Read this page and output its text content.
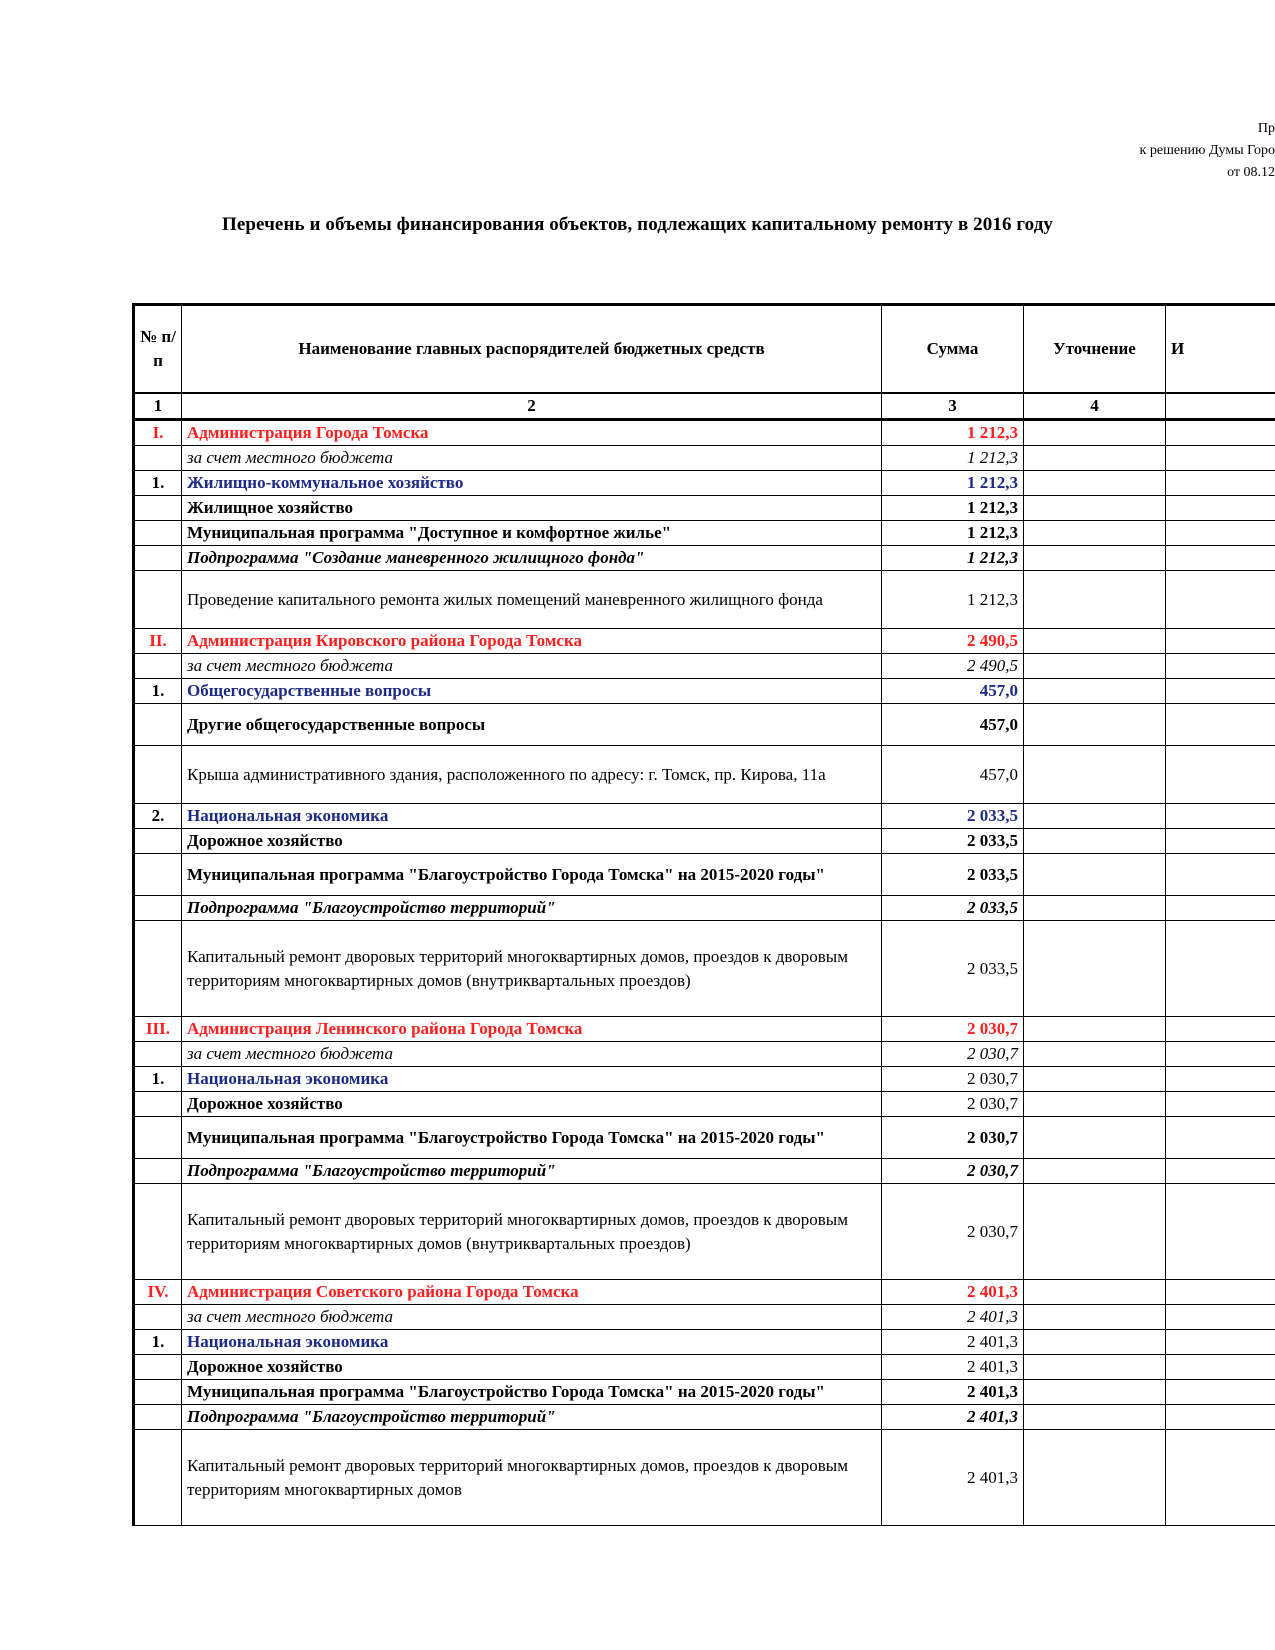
Пр
к решению Думы Горо
от 08.12
Перечень и объемы финансирования объектов, подлежащих капитальному ремонту в 2016 году
№ п/п	Наименование главных распорядителей бюджетных средств	Сумма	Уточнение	И
1	2	3	4	
I.	Администрация Города Томска	1 212,3		
	за счет местного бюджета	1 212,3		
1.	Жилищно-коммунальное хозяйство	1 212,3		
	Жилищное хозяйство	1 212,3		
	Муниципальная программа "Доступное и комфортное жилье"	1 212,3		
	Подпрограмма "Создание маневренного жилищного фонда"	1 212,3		
	Проведение капитального ремонта жилых помещений маневренного жилищного фонда	1 212,3		
II.	Администрация Кировского района Города Томска	2 490,5		
	за счет местного бюджета	2 490,5		
1.	Общегосударственные вопросы	457,0		
	Другие общегосударственные вопросы	457,0		
	Крыша административного здания, расположенного по адресу: г. Томск, пр. Кирова, 11а	457,0		
2.	Национальная экономика	2 033,5		
	Дорожное хозяйство	2 033,5		
	Муниципальная программа "Благоустройство Города Томска" на 2015-2020 годы"	2 033,5		
	Подпрограмма "Благоустройство территорий"	2 033,5		
	Капитальный ремонт дворовых территорий многоквартирных домов, проездов к дворовым территориям многоквартирных домов (внутриквартальных проездов)	2 033,5		
III.	Администрация Ленинского района Города Томска	2 030,7		
	за счет местного бюджета	2 030,7		
1.	Национальная экономика	2 030,7		
	Дорожное хозяйство	2 030,7		
	Муниципальная программа "Благоустройство Города Томска" на 2015-2020 годы"	2 030,7		
	Подпрограмма "Благоустройство территорий"	2 030,7		
	Капитальный ремонт дворовых территорий многоквартирных домов, проездов к дворовым территориям многоквартирных домов (внутриквартальных проездов)	2 030,7		
IV.	Администрация Советского района Города Томска	2 401,3		
	за счет местного бюджета	2 401,3		
1.	Национальная экономика	2 401,3		
	Дорожное хозяйство	2 401,3		
	Муниципальная программа "Благоустройство Города Томска" на 2015-2020 годы"	2 401,3		
	Подпрограмма "Благоустройство территорий"	2 401,3		
	Капитальный ремонт дворовых территорий многоквартирных домов, проездов к дворовым территориям многоквартирных домов	2 401,3		
